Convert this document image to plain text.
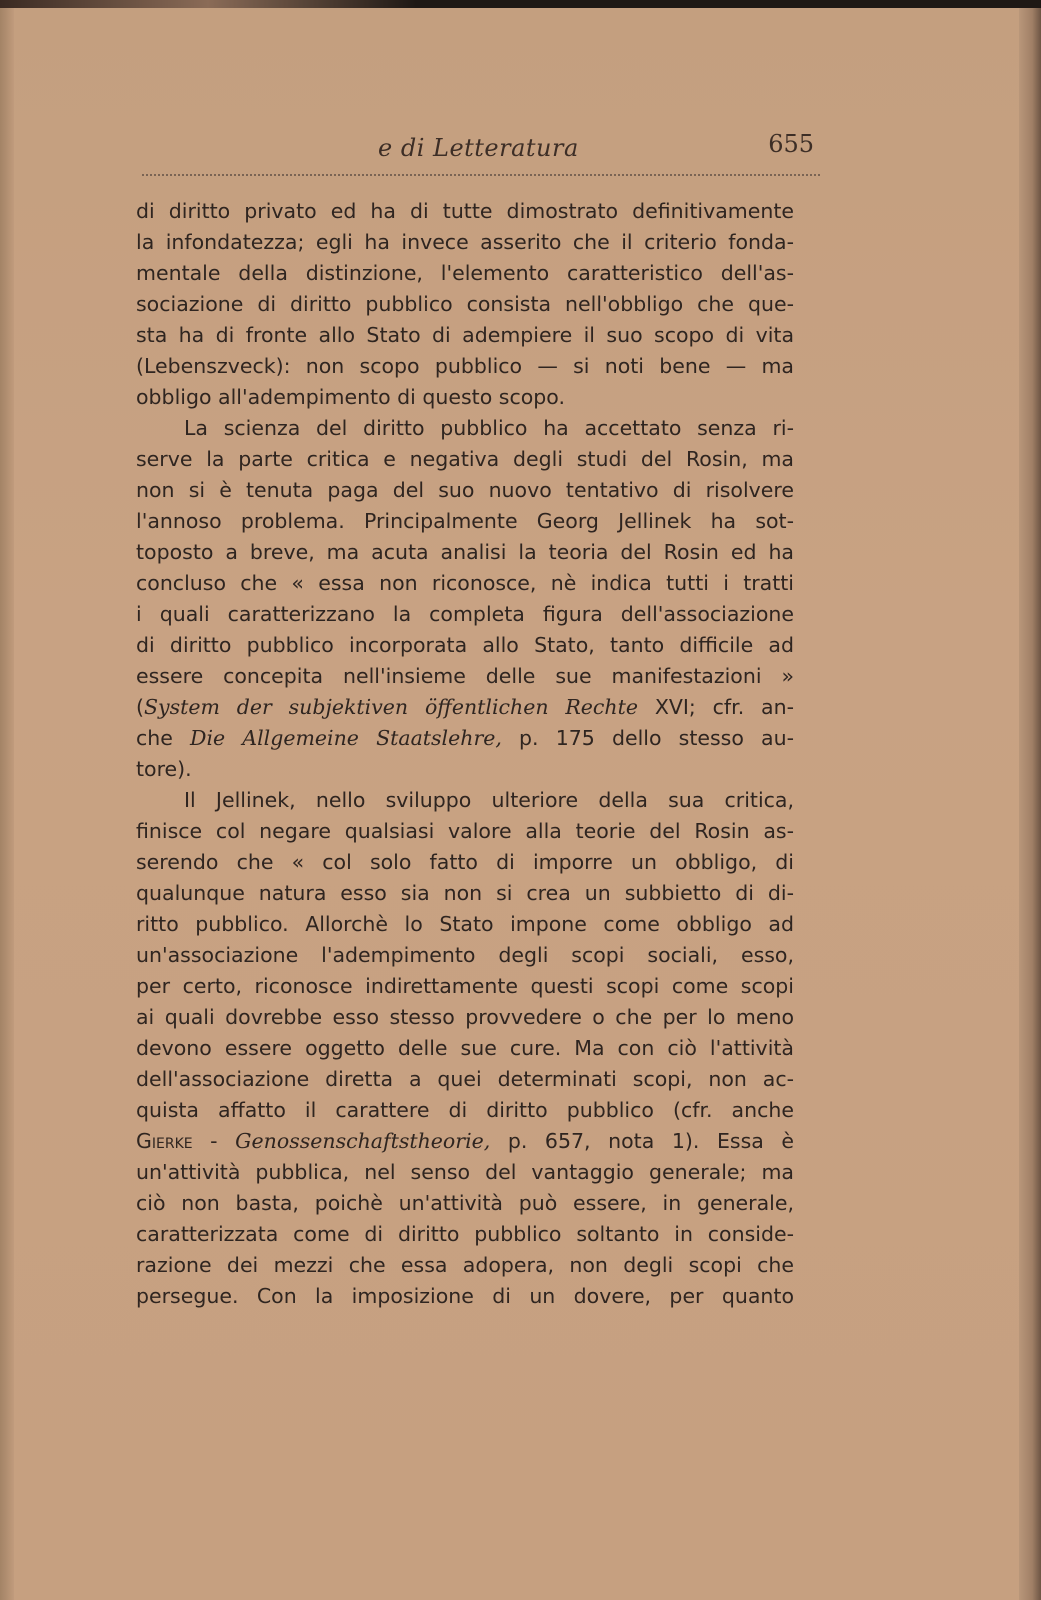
e di Letteratura	655
di diritto privato ed ha di tutte dimostrato definitivamente
la infondatezza; egli ha invece asserito che il criterio fonda-
mentale della distinzione, l'elemento caratteristico dell'as-
sociazione di diritto pubblico consista nell'obbligo che que-
sta ha di fronte allo Stato di adempiere il suo scopo di vita
(Lebenszveck): non scopo pubblico — si noti bene — ma
obbligo all'adempimento di questo scopo.
La scienza del diritto pubblico ha accettato senza ri-
serve la parte critica e negativa degli studi del Rosin, ma
non si è tenuta paga del suo nuovo tentativo di risolvere
l'annoso problema. Principalmente Georg Jellinek ha sot-
toposto a breve, ma acuta analisi la teoria del Rosin ed ha
concluso che « essa non riconosce, nè indica tutti i tratti
i quali caratterizzano la completa figura dell'associazione
di diritto pubblico incorporata allo Stato, tanto difficile ad
essere concepita nell'insieme delle sue manifestazioni »
(System der subjektiven öffentlichen Rechte XVI; cfr. an-
che Die Allgemeine Staatslehre, p. 175 dello stesso au-
tore).
Il Jellinek, nello sviluppo ulteriore della sua critica,
finisce col negare qualsiasi valore alla teorie del Rosin as-
serendo che « col solo fatto di imporre un obbligo, di
qualunque natura esso sia non si crea un subbietto di di-
ritto pubblico. Allorchè lo Stato impone come obbligo ad
un'associazione l'adempimento degli scopi sociali, esso,
per certo, riconosce indirettamente questi scopi come scopi
ai quali dovrebbe esso stesso provvedere o che per lo meno
devono essere oggetto delle sue cure. Ma con ciò l'attività
dell'associazione diretta a quei determinati scopi, non ac-
quista affatto il carattere di diritto pubblico (cfr. anche
Gierke - Genossenschaftstheorie, p. 657, nota 1). Essa è
un'attività pubblica, nel senso del vantaggio generale; ma
ciò non basta, poichè un'attività può essere, in generale,
caratterizzata come di diritto pubblico soltanto in conside-
razione dei mezzi che essa adopera, non degli scopi che
persegue. Con la imposizione di un dovere, per quanto
